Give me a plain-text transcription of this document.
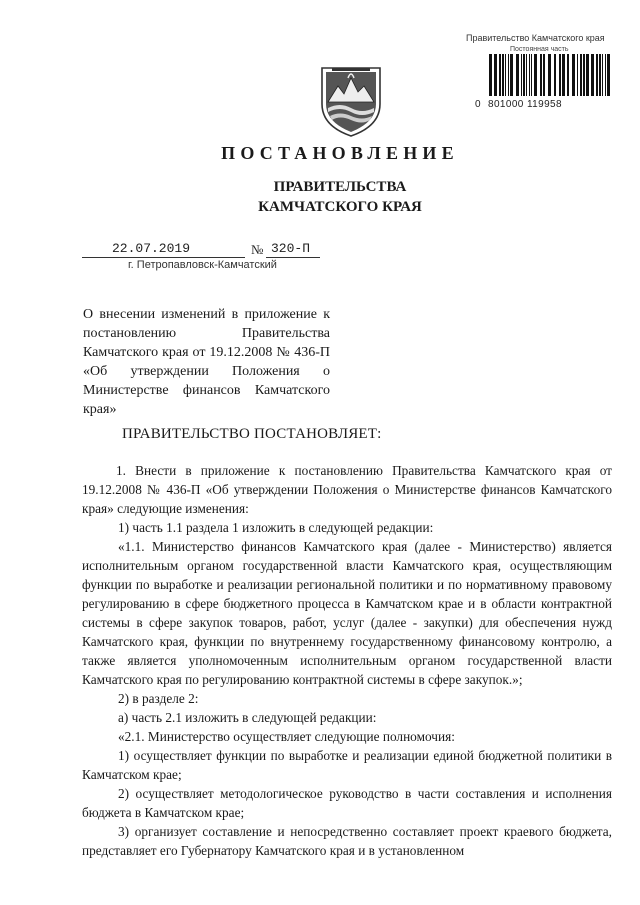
Правительство Камчатского края
Постоянная часть
0 801000 119958
ПОСТАНОВЛЕНИЕ
ПРАВИТЕЛЬСТВА
КАМЧАТСКОГО КРАЯ
22.07.2019	№ 320-П
г. Петропавловск-Камчатский
О внесении изменений в приложение к постановлению Правительства Камчатского края от 19.12.2008 № 436-П «Об утверждении Положения о Министерстве финансов Камчатского края»
ПРАВИТЕЛЬСТВО ПОСТАНОВЛЯЕТ:

1. Внести в приложение к постановлению Правительства Камчатского края от 19.12.2008 № 436-П «Об утверждении Положения о Министерстве финансов Камчатского края» следующие изменения:

1) часть 1.1 раздела 1 изложить в следующей редакции:

«1.1. Министерство финансов Камчатского края (далее - Министерство) является исполнительным органом государственной власти Камчатского края, осуществляющим функции по выработке и реализации региональной политики и по нормативному правовому регулированию в сфере бюджетного процесса в Камчатском крае и в области контрактной системы в сфере закупок товаров, работ, услуг (далее - закупки) для обеспечения нужд Камчатского края, функции по внутреннему государственному финансовому контролю, а также является уполномоченным исполнительным органом государственной власти Камчатского края по регулированию контрактной системы в сфере закупок.»;

2) в разделе 2:

а) часть 2.1 изложить в следующей редакции:

«2.1. Министерство осуществляет следующие полномочия:

1) осуществляет функции по выработке и реализации единой бюджетной политики в Камчатском крае;

2) осуществляет методологическое руководство в части составления и исполнения бюджета в Камчатском крае;

3) организует составление и непосредственно составляет проект краевого бюджета, представляет его Губернатору Камчатского края и в установленном
